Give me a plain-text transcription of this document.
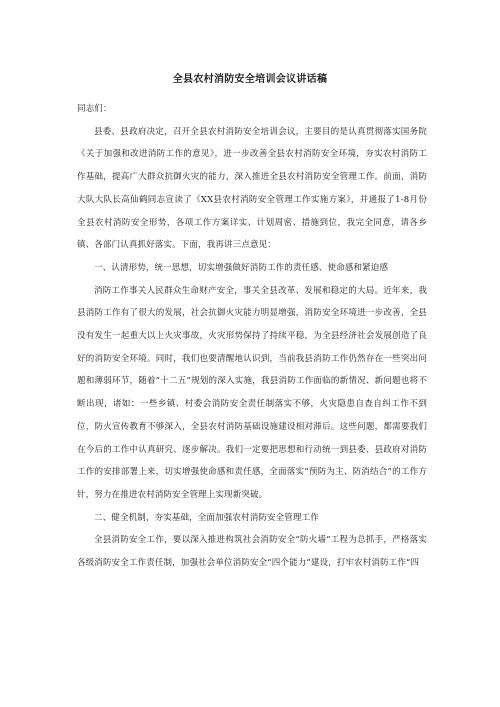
全县农村消防安全培训会议讲话稿

同志们：

县委、县政府决定，召开全县农村消防安全培训会议，主要目的是认真贯彻落实国务院《关于加强和改进消防工作的意见》，进一步改善全县农村消防安全环境，夯实农村消防工作基础，提高广大群众抗御火灾的能力，深入推进全县农村消防安全管理工作。前面，消防大队大队长高仙鹤同志宣读了《XX县农村消防安全管理工作实施方案》，并通报了1-8月份全县农村消防安全形势，各项工作方案详实、计划周密、措施到位，我完全同意，请各乡镇、各部门认真抓好落实。下面，我再讲三点意见：

一、认清形势，统一思想，切实增强做好消防工作的责任感、使命感和紧迫感

消防工作事关人民群众生命财产安全，事关全县改革、发展和稳定的大局。近年来，我县消防工作有了很大的发展，社会抗御火灾能力明显增强，消防安全环境进一步改善，全县没有发生一起重大以上火灾事故，火灾形势保持了持续平稳，为全县经济社会发展创造了良好的消防安全环境。同时，我们也要清醒地认识到，当前我县消防工作仍然存在一些突出问题和薄弱环节，随着“十二五”规划的深入实施，我县消防工作面临的新情况、新问题也将不断出现，诸如：一些乡镇、村委会消防安全责任制落实不够，火灾隐患自查自纠工作不到位，防火宣传教育不够深入，全县农村消防基础设施建设相对滞后。这些问题，都需要我们在今后的工作中认真研究、逐步解决。我们一定要把思想和行动统一到县委、县政府对消防工作的安排部署上来，切实增强使命感和责任感，全面落实“预防为主、防消结合”的工作方针，努力在推进农村消防安全管理上实现新突破。

二、健全机制，夯实基础，全面加强农村消防安全管理工作

全县消防安全工作，要以深入推进构筑社会消防安全“防火墙”工程为总抓手，严格落实各级消防安全工作责任制，加强社会单位消防安全“四个能力”建设，打牢农村消防工作“四
